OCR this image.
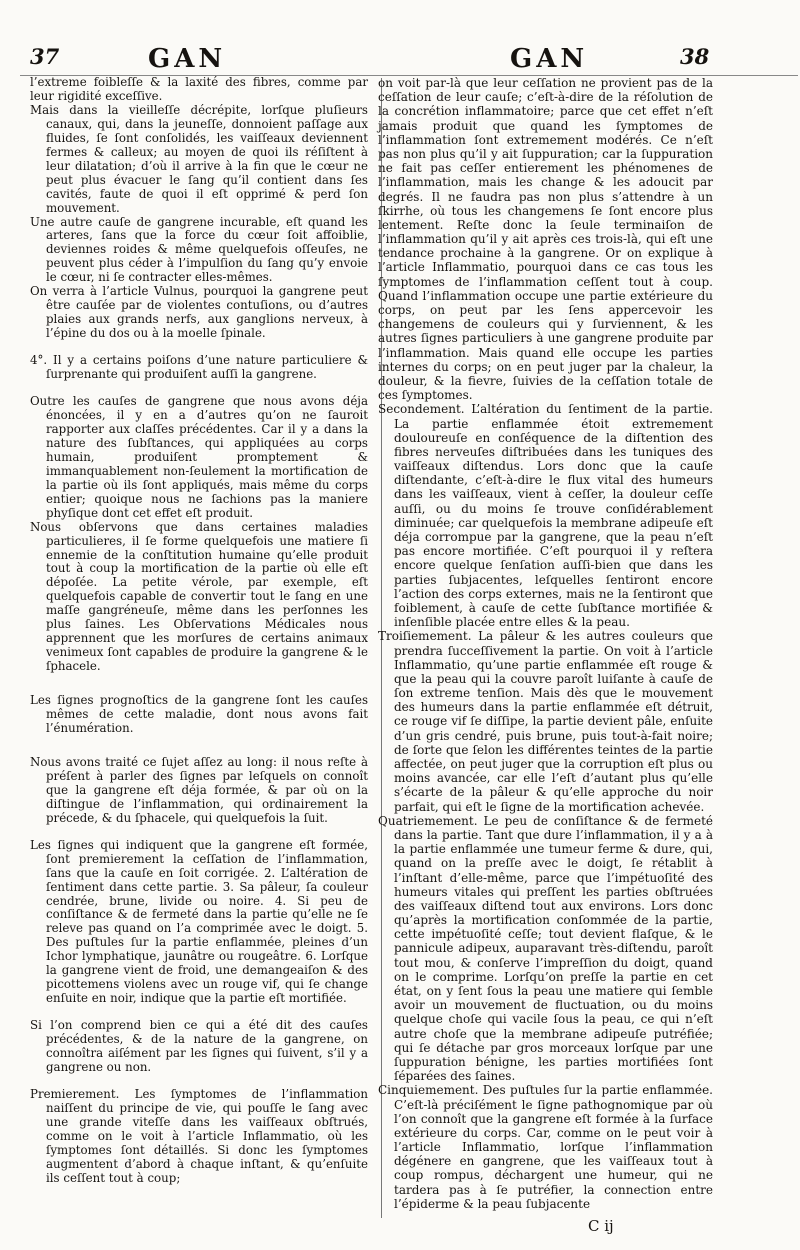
37	GAN	GAN	38

l’extreme foibleſſe & la laxité des fibres, comme par leur rigidité exceſſive.

Mais dans la vieilleſſe décrépite, lorſque pluſieurs canaux, qui, dans la jeuneſſe, donnoient paſſage aux fluides, ſe ſont conſolidés, les vaiſſeaux deviennent fermes & calleux; au moyen de quoi ils réſiſtent à leur dilatation; d’où il arrive à la fin que le cœur ne peut plus évacuer le ſang qu’il contient dans ſes cavités, faute de quoi il eſt opprimé & perd ſon mouvement.

Une autre cauſe de gangrene incurable, eſt quand les arteres, ſans que la force du cœur ſoit affoiblie, deviennes roides & même quelquefois oſſeuſes, ne peuvent plus céder à l’impulſion du ſang qu’y envoie le cœur, ni ſe contracter elles-mêmes.

On verra à l’article Vulnus, pourquoi la gangrene peut être cauſée par de violentes contuſions, ou d’autres plaies aux grands nerfs, aux ganglions nerveux, à l’épine du dos ou à la moelle ſpinale.

4°. Il y a certains poiſons d’une nature particuliere & ſurprenante qui produiſent auſſi la gangrene.

Outre les cauſes de gangrene que nous avons déja énoncées, il y en a d’autres qu’on ne ſauroit rapporter aux claſſes précédentes. Car il y a dans la nature des ſubſtances, qui appliquées au corps humain, produiſent promptement & immanquablement non-ſeulement la mortification de la partie où ils ſont appliqués, mais même du corps entier; quoique nous ne ſachions pas la maniere phyſique dont cet effet eſt produit.

Nous obſervons que dans certaines maladies particulieres, il ſe forme quelquefois une matiere ſi ennemie de la conſtitution humaine qu’elle produit tout à coup la mortification de la partie où elle eſt dépoſée. La petite vérole, par exemple, eſt quelquefois capable de convertir tout le ſang en une maſſe gangréneuſe, même dans les perſonnes les plus ſaines. Les Obſervations Médicales nous apprennent que les morſures de certains animaux venimeux ſont capables de produire la gangrene & le ſphacele.

Les ſignes prognoſtics de la gangrene ſont les cauſes mêmes de cette maladie, dont nous avons fait l’énumération.

Nous avons traité ce ſujet aſſez au long: il nous reſte à préſent à parler des ſignes par leſquels on connoît que la gangrene eſt déja formée, & par où on la diſtingue de l’inflammation, qui ordinairement la précede, & du ſphacele, qui quelquefois la ſuit.

Les ſignes qui indiquent que la gangrene eſt formée, ſont premierement la ceſſation de l’inflammation, ſans que la cauſe en ſoit corrigée. 2. L’altération de ſentiment dans cette partie. 3. Sa pâleur, ſa couleur cendrée, brune, livide ou noire. 4. Si peu de conſiſtance & de fermeté dans la partie qu’elle ne ſe releve pas quand on l’a comprimée avec le doigt. 5. Des puſtules ſur la partie enflammée, pleines d’un Ichor lymphatique, jaunâtre ou rougeâtre. 6. Lorſque la gangrene vient de froid, une demangeaiſon & des picottemens violens avec un rouge vif, qui ſe change enſuite en noir, indique que la partie eſt mortifiée.

Si l’on comprend bien ce qui a été dit des cauſes précédentes, & de la nature de la gangrene, on connoîtra aiſément par les ſignes qui ſuivent, s’il y a gangrene ou non.

Premierement. Les ſymptomes de l’inflammation naiſſent du principe de vie, qui pouſſe le ſang avec une grande viteſſe dans les vaiſſeaux obſtrués, comme on le voit à l’article Inflammatio, où les ſymptomes ſont détaillés. Si donc les ſymptomes augmentent d’abord à chaque inſtant, & qu’enſuite ils ceſſent tout à coup;

on voit par-là que leur ceſſation ne provient pas de la ceſſation de leur cauſe; c’eſt-à-dire de la réſolution de la concrétion inflammatoire; parce que cet effet n’eſt jamais produit que quand les ſymptomes de l’inflammation ſont extremement modérés. Ce n’eſt pas non plus qu’il y ait ſuppuration; car la ſuppuration ne fait pas ceſſer entierement les phénomenes de l’inflammation, mais les change & les adoucit par degrés. Il ne faudra pas non plus s’attendre à un ſkirrhe, où tous les changemens ſe ſont encore plus lentement. Reſte donc la ſeule terminaiſon de l’inflammation qu’il y ait après ces trois-là, qui eſt une tendance prochaine à la gangrene. Or on explique à l’article Inflammatio, pourquoi dans ce cas tous les ſymptomes de l’inflammation ceſſent tout à coup. Quand l’inflammation occupe une partie extérieure du corps, on peut par les ſens appercevoir les changemens de couleurs qui y ſurviennent, & les autres ſignes particuliers à une gangrene produite par l’inflammation. Mais quand elle occupe les parties internes du corps; on en peut juger par la chaleur, la douleur, & la fievre, ſuivies de la ceſſation totale de ces ſymptomes.

Secondement. L’altération du ſentiment de la partie. La partie enflammée étoit extremement douloureuſe en conſéquence de la diſtention des fibres nerveuſes diſtribuées dans les tuniques des vaiſſeaux diſtendus. Lors donc que la cauſe diſtendante, c’eſt-à-dire le flux vital des humeurs dans les vaiſſeaux, vient à ceſſer, la douleur ceſſe auſſi, ou du moins ſe trouve conſidérablement diminuée; car quelquefois la membrane adipeuſe eſt déja corrompue par la gangrene, que la peau n’eſt pas encore mortifiée. C’eſt pourquoi il y reſtera encore quelque ſenſation auſſi-bien que dans les parties ſubjacentes, leſquelles ſentiront encore l’action des corps externes, mais ne la ſentiront que foiblement, à cauſe de cette ſubſtance mortifiée & inſenſible placée entre elles & la peau.

Troiſiemement. La pâleur & les autres couleurs que prendra ſucceſſivement la partie. On voit à l’article Inflammatio, qu’une partie enflammée eſt rouge & que la peau qui la couvre paroît luiſante à cauſe de ſon extreme tenſion. Mais dès que le mouvement des humeurs dans la partie enflammée eſt détruit, ce rouge vif ſe diſſipe, la partie devient pâle, enſuite d’un gris cendré, puis brune, puis tout-à-fait noire; de ſorte que ſelon les différentes teintes de la partie affectée, on peut juger que la corruption eſt plus ou moins avancée, car elle l’eſt d’autant plus qu’elle s’écarte de la pâleur & qu’elle approche du noir parfait, qui eſt le ſigne de la mortification achevée.

Quatriemement. Le peu de conſiſtance & de fermeté dans la partie. Tant que dure l’inflammation, il y a à la partie enflammée une tumeur ferme & dure, qui, quand on la preſſe avec le doigt, ſe rétablit à l’inſtant d’elle-même, parce que l’impétuoſité des humeurs vitales qui preſſent les parties obſtruées des vaiſſeaux diſtend tout aux environs. Lors donc qu’après la mortification conſommée de la partie, cette impétuoſité ceſſe; tout devient flaſque, & le pannicule adipeux, auparavant très-diſtendu, paroît tout mou, & conſerve l’impreſſion du doigt, quand on le comprime. Lorſqu’on preſſe la partie en cet état, on y ſent ſous la peau une matiere qui ſemble avoir un mouvement de fluctuation, ou du moins quelque choſe qui vacile ſous la peau, ce qui n’eſt autre choſe que la membrane adipeuſe putréfiée; qui ſe détache par gros morceaux lorſque par une ſuppuration bénigne, les parties mortifiées ſont ſéparées des ſaines.

Cinquiemement. Des puſtules ſur la partie enflammée. C’eſt-là préciſément le ſigne pathognomique par où l’on connoît que la gangrene eſt formée à la ſurface extérieure du corps. Car, comme on le peut voir à l’article Inflammatio, lorſque l’inflammation dégénere en gangrene, que les vaiſſeaux tout à coup rompus, déchargent une humeur, qui ne tardera pas à ſe putréfier, la connection entre l’épiderme & la peau ſubjacente

C ij
